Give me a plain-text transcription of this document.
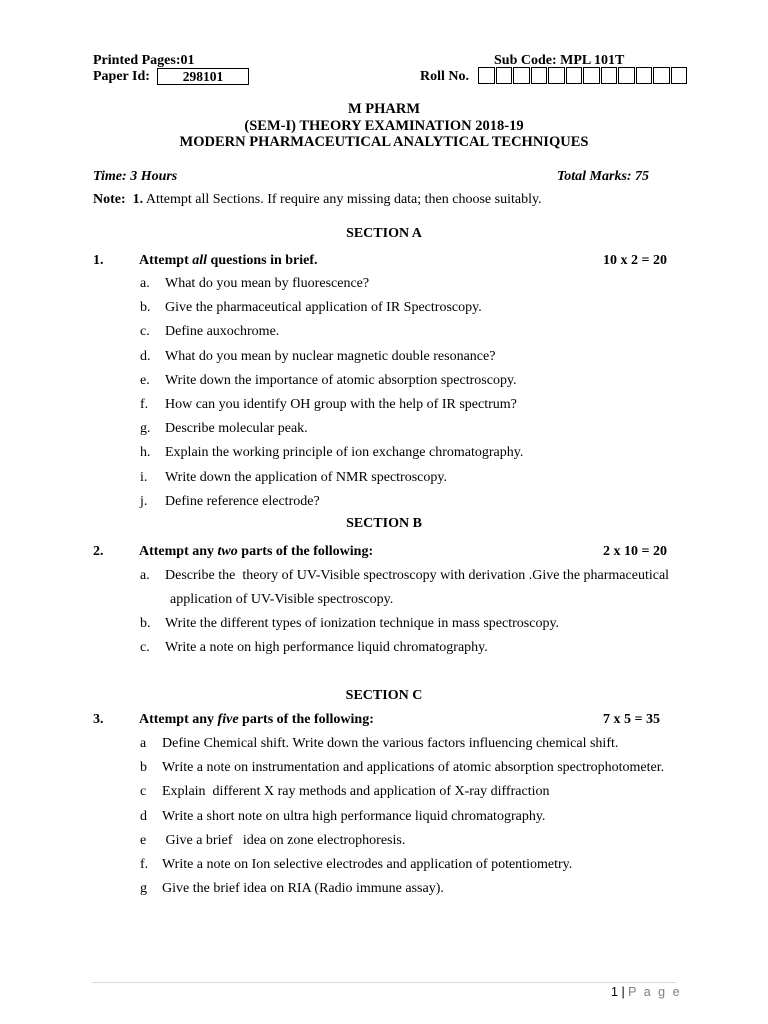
Printed Pages:01	Sub Code: MPL 101T
Paper Id:	298101	Roll No.
M PHARM
(SEM-I) THEORY EXAMINATION 2018-19
MODERN PHARMACEUTICAL ANALYTICAL TECHNIQUES
Time: 3 Hours	Total Marks: 75
Note: 1. Attempt all Sections. If require any missing data; then choose suitably.
SECTION A
1.	Attempt all questions in brief.	10 x 2 = 20
a. What do you mean by fluorescence?
b. Give the pharmaceutical application of IR Spectroscopy.
c. Define auxochrome.
d. What do you mean by nuclear magnetic double resonance?
e. Write down the importance of atomic absorption spectroscopy.
f. How can you identify OH group with the help of IR spectrum?
g. Describe molecular peak.
h. Explain the working principle of ion exchange chromatography.
i. Write down the application of NMR spectroscopy.
j. Define reference electrode?
SECTION B
2.	Attempt any two parts of the following:	2 x 10 = 20
a. Describe the  theory of UV-Visible spectroscopy with derivation .Give the pharmaceutical
application of UV-Visible spectroscopy.
b. Write the different types of ionization technique in mass spectroscopy.
c. Write a note on high performance liquid chromatography.
SECTION C
3.	Attempt any five parts of the following:	7 x 5 = 35
a Define Chemical shift. Write down the various factors influencing chemical shift.
b Write a note on instrumentation and applications of atomic absorption spectrophotometer.
c Explain  different X ray methods and application of X-ray diffraction
d Write a short note on ultra high performance liquid chromatography.
e Give a brief   idea on zone electrophoresis.
f. Write a note on Ion selective electrodes and application of potentiometry.
g Give the brief idea on RIA (Radio immune assay).
1 | P a g e
